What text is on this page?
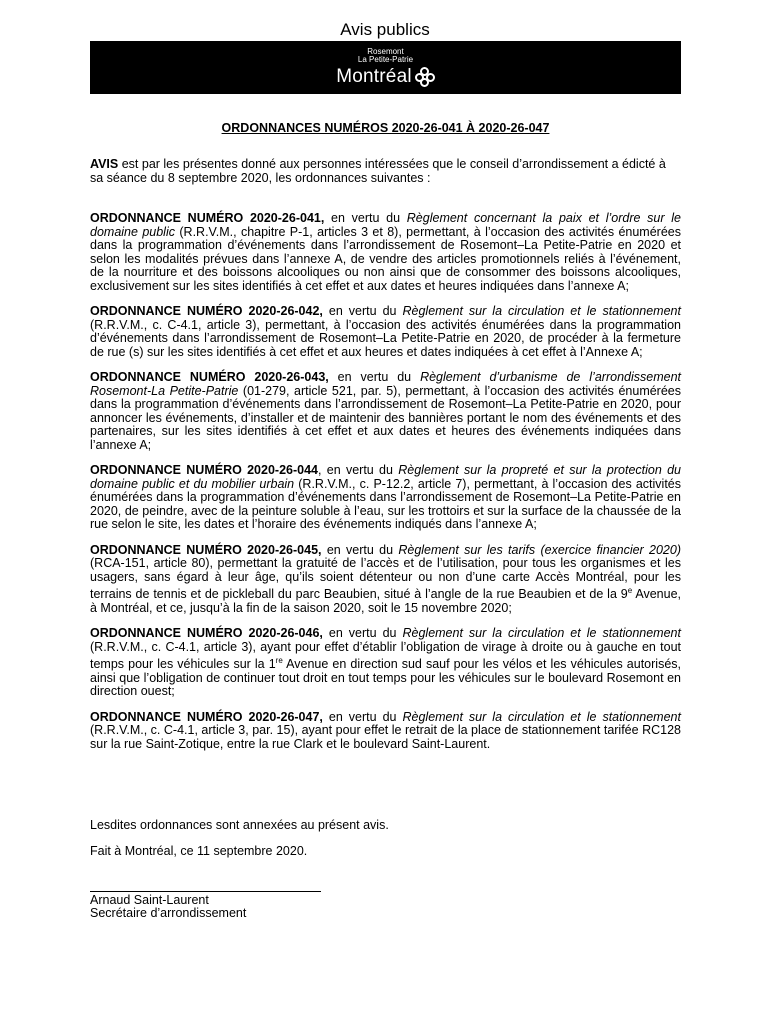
Avis publics
Rosemont
La Petite-Patrie
Montréal
ORDONNANCES NUMÉROS 2020-26-041 À 2020-26-047

AVIS est par les présentes donné aux personnes intéressées que le conseil d’arrondissement a édicté à sa séance du 8 septembre 2020, les ordonnances suivantes :

ORDONNANCE NUMÉRO 2020-26-041, en vertu du Règlement concernant la paix et l’ordre sur le domaine public (R.R.V.M., chapitre P-1, articles 3 et 8), permettant, à l’occasion des activités énumérées dans la programmation d’événements dans l’arrondissement de Rosemont–La Petite-Patrie en 2020 et selon les modalités prévues dans l’annexe A, de vendre des articles promotionnels reliés à l’événement, de la nourriture et des boissons alcooliques ou non ainsi que de consommer des boissons alcooliques, exclusivement sur les sites identifiés à cet effet et aux dates et heures indiquées dans l’annexe A;

ORDONNANCE NUMÉRO 2020-26-042, en vertu du Règlement sur la circulation et le stationnement (R.R.V.M., c. C-4.1, article 3), permettant, à l’occasion des activités énumérées dans la programmation d’événements dans l’arrondissement de Rosemont–La Petite-Patrie en 2020, de procéder à la fermeture de rue (s) sur les sites identifiés à cet effet et aux heures et dates indiquées à cet effet à l’Annexe A;

ORDONNANCE NUMÉRO 2020-26-043, en vertu du Règlement d’urbanisme de l’arrondissement Rosemont-La Petite-Patrie (01-279, article 521, par. 5), permettant, à l’occasion des activités énumérées dans la programmation d’événements dans l’arrondissement de Rosemont–La Petite-Patrie en 2020, pour annoncer les événements, d’installer et de maintenir des bannières portant le nom des événements et des partenaires, sur les sites identifiés à cet effet et aux dates et heures des événements indiquées dans l’annexe A;

ORDONNANCE NUMÉRO 2020-26-044, en vertu du Règlement sur la propreté et sur la protection du domaine public et du mobilier urbain (R.R.V.M., c. P-12.2, article 7), permettant, à l’occasion des activités énumérées dans la programmation d’événements dans l’arrondissement de Rosemont–La Petite-Patrie en 2020, de peindre, avec de la peinture soluble à l’eau, sur les trottoirs et sur la surface de la chaussée de la rue selon le site, les dates et l’horaire des événements indiqués dans l’annexe A;

ORDONNANCE NUMÉRO 2020-26-045, en vertu du Règlement sur les tarifs (exercice financier 2020) (RCA-151, article 80), permettant la gratuité de l’accès et de l’utilisation, pour tous les organismes et les usagers, sans égard à leur âge, qu’ils soient détenteur ou non d’une carte Accès Montréal, pour les terrains de tennis et de pickleball du parc Beaubien, situé à l’angle de la rue Beaubien et de la 9e Avenue, à Montréal, et ce, jusqu’à la fin de la saison 2020, soit le 15 novembre 2020;

ORDONNANCE NUMÉRO 2020-26-046, en vertu du Règlement sur la circulation et le stationnement (R.R.V.M., c. C-4.1, article 3), ayant pour effet d’établir l’obligation de virage à droite ou à gauche en tout temps pour les véhicules sur la 1re Avenue en direction sud sauf pour les vélos et les véhicules autorisés, ainsi que l’obligation de continuer tout droit en tout temps pour les véhicules sur le boulevard Rosemont en direction ouest;

ORDONNANCE NUMÉRO 2020-26-047, en vertu du Règlement sur la circulation et le stationnement (R.R.V.M., c. C-4.1, article 3, par. 15), ayant pour effet le retrait de la place de stationnement tarifée RC128 sur la rue Saint-Zotique, entre la rue Clark et le boulevard Saint-Laurent.

Lesdites ordonnances sont annexées au présent avis.

Fait à Montréal, ce 11 septembre 2020.

Arnaud Saint-Laurent

Secrétaire d’arrondissement
